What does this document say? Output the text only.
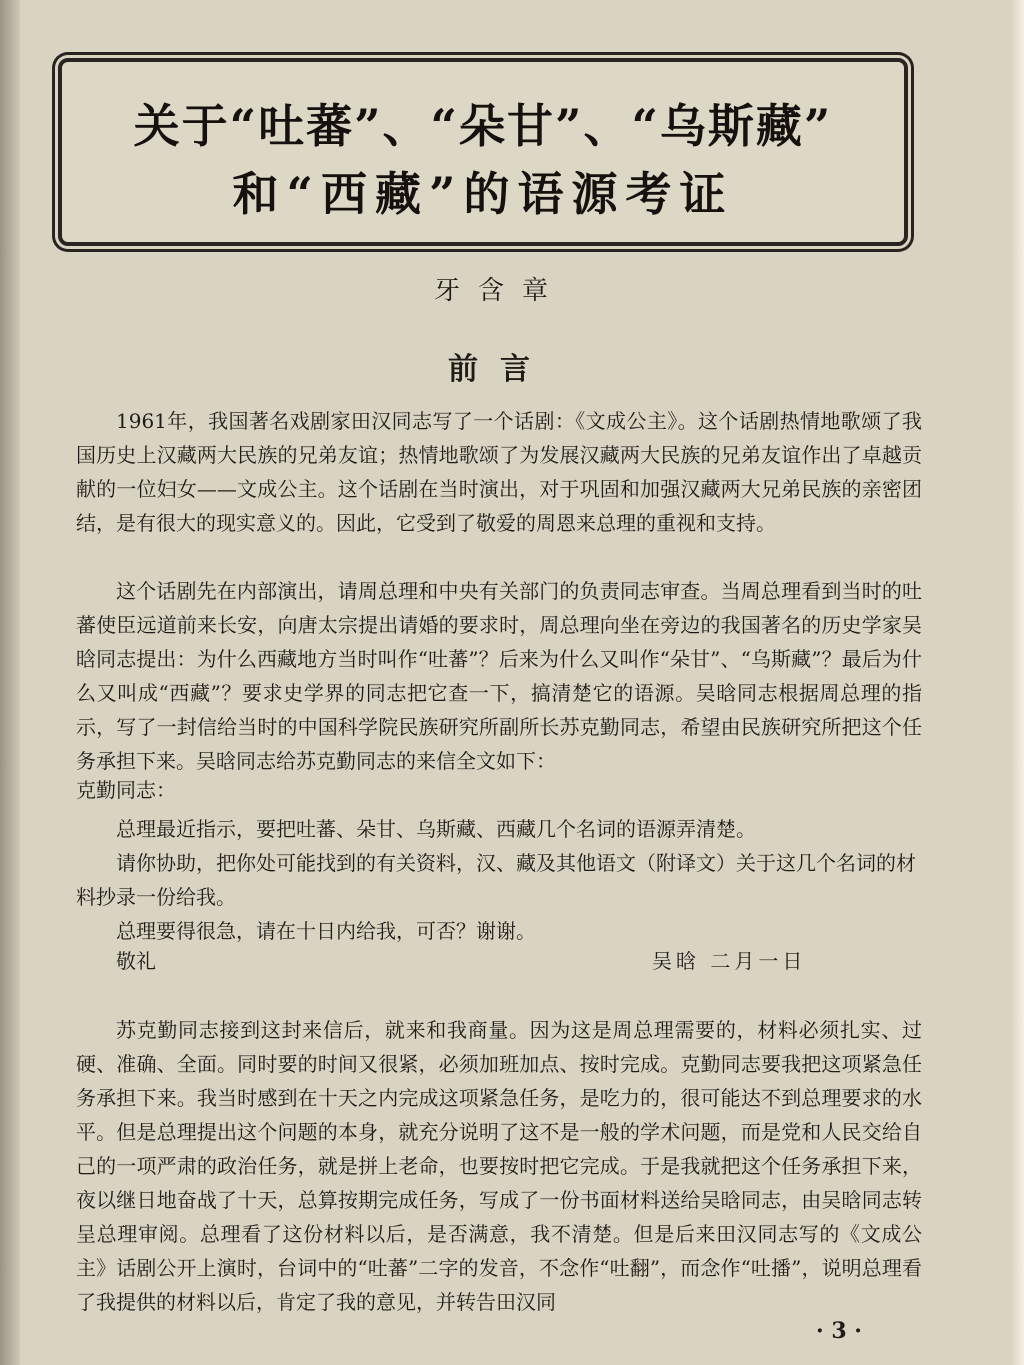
关于“吐蕃”、“朵甘”、“乌斯藏”
和“西藏”的语源考证
牙含章
前言
1961年，我国著名戏剧家田汉同志写了一个话剧：《文成公主》。这个话剧热情地歌颂了我国历史上汉藏两大民族的兄弟友谊；热情地歌颂了为发展汉藏两大民族的兄弟友谊作出了卓越贡献的一位妇女——文成公主。这个话剧在当时演出，对于巩固和加强汉藏两大兄弟民族的亲密团结，是有很大的现实意义的。因此，它受到了敬爱的周恩来总理的重视和支持。
这个话剧先在内部演出，请周总理和中央有关部门的负责同志审查。当周总理看到当时的吐蕃使臣远道前来长安，向唐太宗提出请婚的要求时，周总理向坐在旁边的我国著名的历史学家吴晗同志提出：为什么西藏地方当时叫作“吐蕃”？后来为什么又叫作“朵甘”、“乌斯藏”？最后为什么又叫成“西藏”？要求史学界的同志把它查一下，搞清楚它的语源。吴晗同志根据周总理的指示，写了一封信给当时的中国科学院民族研究所副所长苏克勤同志，希望由民族研究所把这个任务承担下来。吴晗同志给苏克勤同志的来信全文如下：
克勤同志：
总理最近指示，要把吐蕃、朵甘、乌斯藏、西藏几个名词的语源弄清楚。
请你协助，把你处可能找到的有关资料，汉、藏及其他语文（附译文）关于这几个名词的材料抄录一份给我。
总理要得很急，请在十日内给我，可否？谢谢。
敬礼	吴晗 二月一日
苏克勤同志接到这封来信后，就来和我商量。因为这是周总理需要的，材料必须扎实、过硬、准确、全面。同时要的时间又很紧，必须加班加点、按时完成。克勤同志要我把这项紧急任务承担下来。我当时感到在十天之内完成这项紧急任务，是吃力的，很可能达不到总理要求的水平。但是总理提出这个问题的本身，就充分说明了这不是一般的学术问题，而是党和人民交给自己的一项严肃的政治任务，就是拼上老命，也要按时把它完成。于是我就把这个任务承担下来，夜以继日地奋战了十天，总算按期完成任务，写成了一份书面材料送给吴晗同志，由吴晗同志转呈总理审阅。总理看了这份材料以后，是否满意，我不清楚。但是后来田汉同志写的《文成公主》话剧公开上演时，台词中的“吐蕃”二字的发音，不念作“吐翻”，而念作“吐播”，说明总理看了我提供的材料以后，肯定了我的意见，并转告田汉同
· 3 ·
